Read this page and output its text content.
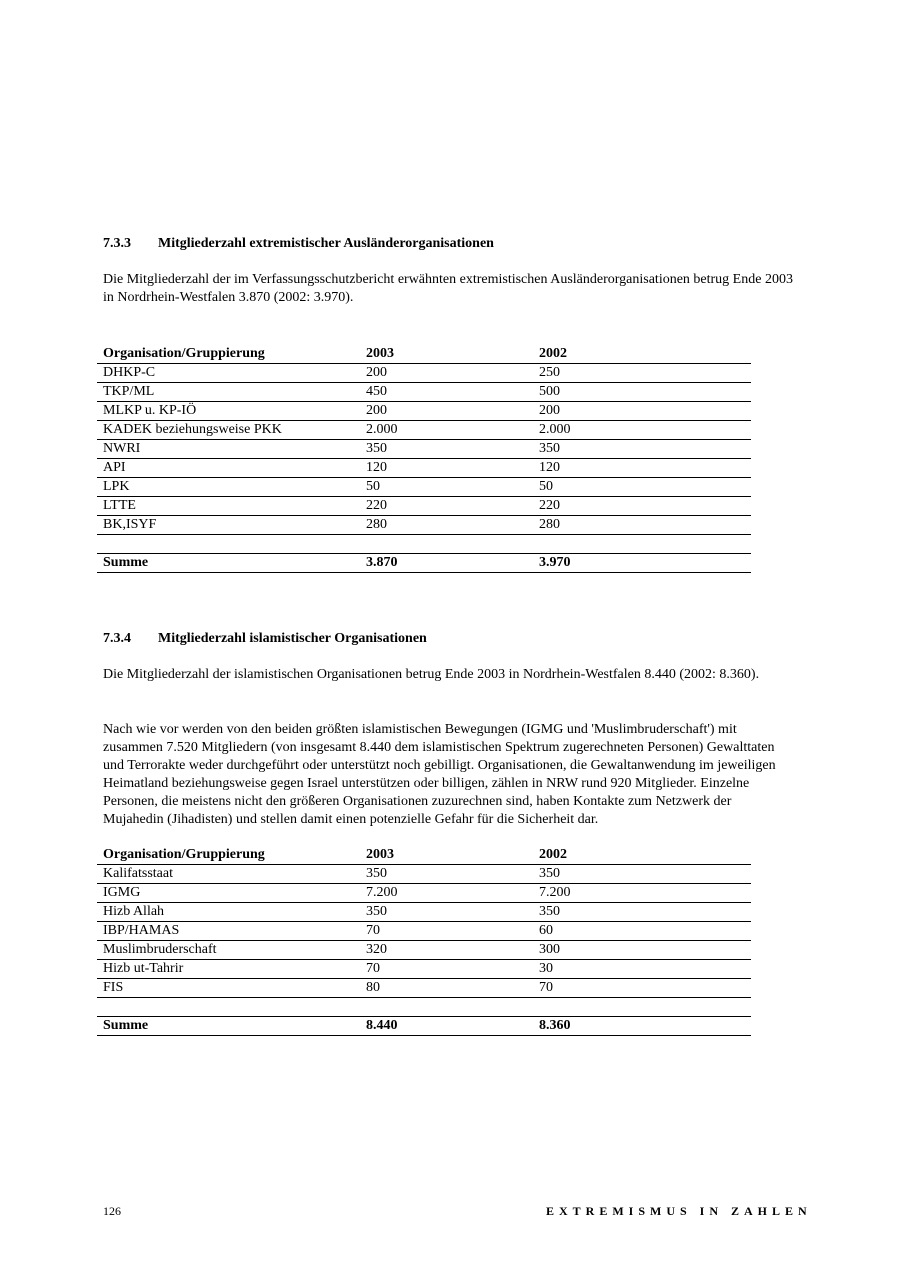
7.3.3 Mitgliederzahl extremistischer Ausländerorganisationen

Die Mitgliederzahl der im Verfassungsschutzbericht erwähnten extremistischen Ausländerorganisationen betrug Ende 2003 in Nordrhein-Westfalen 3.870 (2002: 3.970).

Organisation/Gruppierung	2003	2002
DHKP-C	200	250
TKP/ML	450	500
MLKP u. KP-IÖ	200	200
KADEK beziehungsweise PKK	2.000	2.000
NWRI	350	350
API	120	120
LPK	50	50
LTTE	220	220
BK,ISYF	280	280

Summe	3.870	3.970
7.3.4 Mitgliederzahl islamistischer Organisationen

Die Mitgliederzahl der islamistischen Organisationen betrug Ende 2003 in Nordrhein-Westfalen 8.440 (2002: 8.360).

Nach wie vor werden von den beiden größten islamistischen Bewegungen (IGMG und 'Muslimbruderschaft') mit zusammen 7.520 Mitgliedern (von insgesamt 8.440 dem islamistischen Spektrum zugerechneten Personen) Gewalttaten und Terrorakte weder durchgeführt oder unterstützt noch gebilligt. Organisationen, die Gewaltanwendung im jeweiligen Heimatland beziehungsweise gegen Israel unterstützen oder billigen, zählen in NRW rund 920 Mitglieder. Einzelne Personen, die meistens nicht den größeren Organisationen zuzurechnen sind, haben Kontakte zum Netzwerk der Mujahedin (Jihadisten) und stellen damit einen potenzielle Gefahr für die Sicherheit dar.

Organisation/Gruppierung	2003	2002
Kalifatsstaat	350	350
IGMG	7.200	7.200
Hizb Allah	350	350
IBP/HAMAS	70	60
Muslimbruderschaft	320	300
Hizb ut-Tahrir	70	30
FIS	80	70

Summe	8.440	8.360
126	EXTREMISMUS IN ZAHLEN
